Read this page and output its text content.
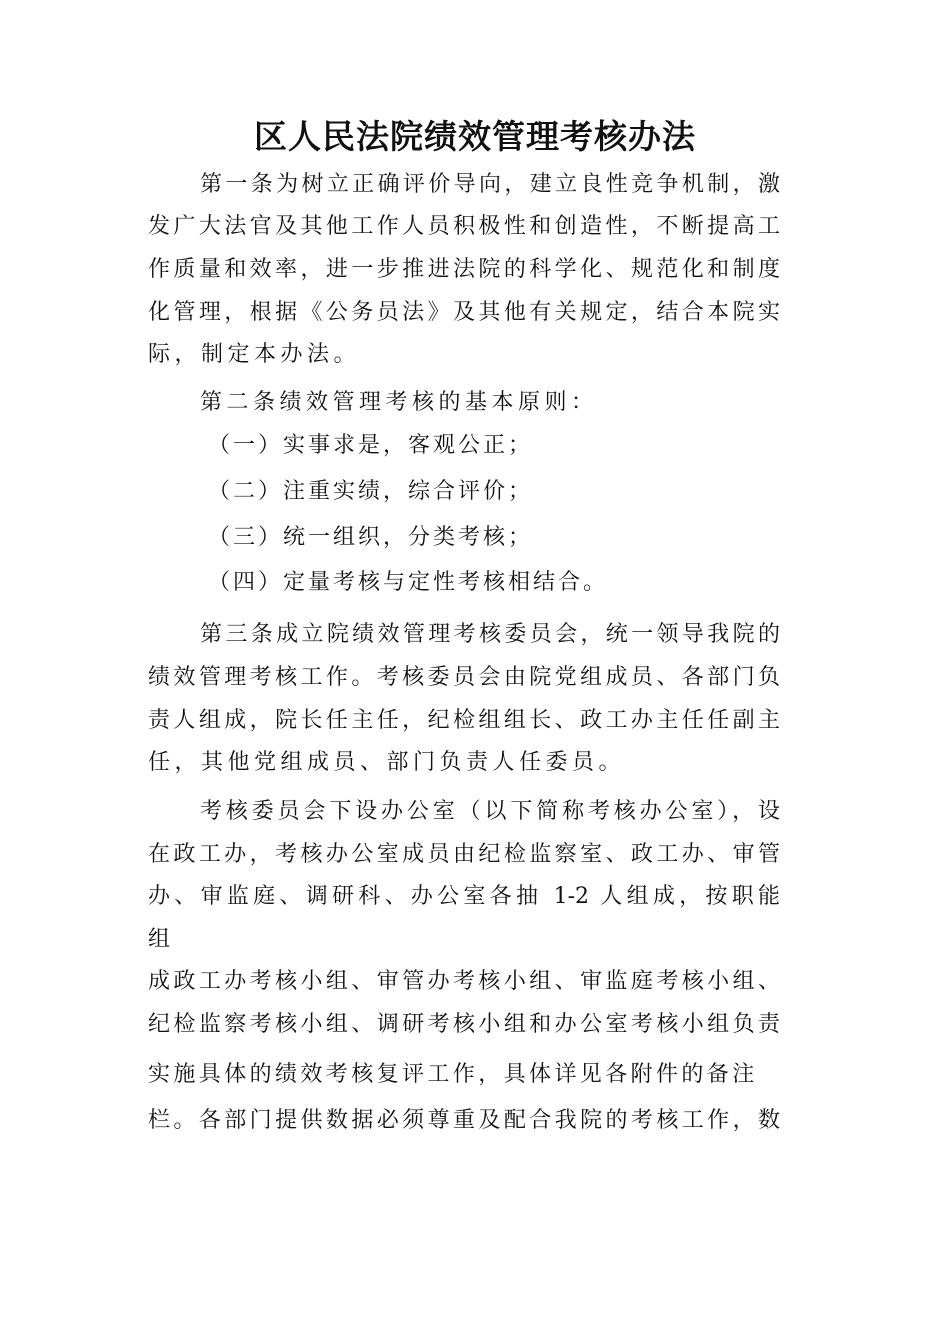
区人民法院绩效管理考核办法
第一条为树立正确评价导向，建立良性竞争机制，激
发广大法官及其他工作人员积极性和创造性，不断提高工
作质量和效率，进一步推进法院的科学化、规范化和制度
化管理，根据《公务员法》及其他有关规定，结合本院实
际，制定本办法。
第二条绩效管理考核的基本原则：
（一）实事求是，客观公正；
（二）注重实绩，综合评价；
（三）统一组织，分类考核；
（四）定量考核与定性考核相结合。
第三条成立院绩效管理考核委员会，统一领导我院的
绩效管理考核工作。考核委员会由院党组成员、各部门负
责人组成，院长任主任，纪检组组长、政工办主任任副主
任，其他党组成员、部门负责人任委员。
考核委员会下设办公室（以下简称考核办公室），设
在政工办，考核办公室成员由纪检监察室、政工办、审管
办、审监庭、调研科、办公室各抽 1-2 人组成，按职能
组
成政工办考核小组、审管办考核小组、审监庭考核小组、
纪检监察考核小组、调研考核小组和办公室考核小组负责
实施具体的绩效考核复评工作，具体详见各附件的备注
栏。各部门提供数据必须尊重及配合我院的考核工作，数
